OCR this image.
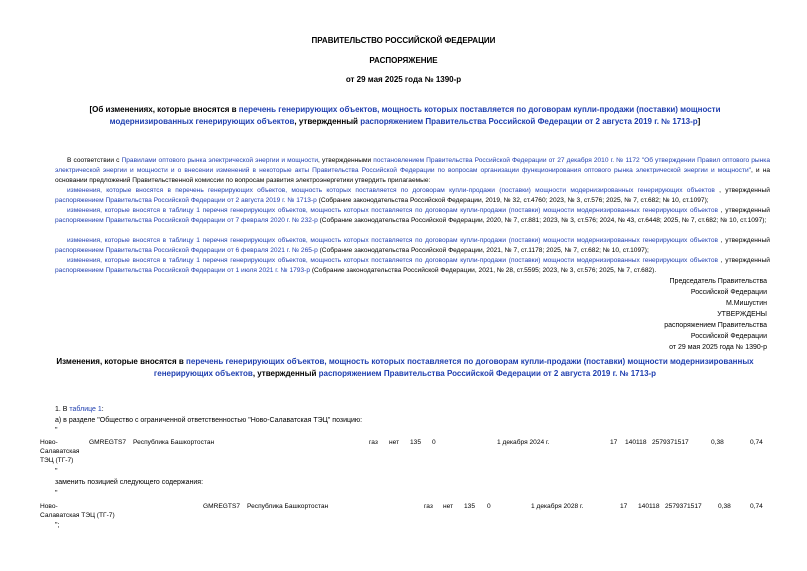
ПРАВИТЕЛЬСТВО РОССИЙСКОЙ ФЕДЕРАЦИИ
РАСПОРЯЖЕНИЕ
от 29 мая 2025 года № 1390-р
[Об изменениях, которые вносятся в перечень генерирующих объектов, мощность которых поставляется по договорам купли-продажи (поставки) мощности модернизированных генерирующих объектов, утвержденный распоряжением Правительства Российской Федерации от 2 августа 2019 г. № 1713-р]
В соответствии с Правилами оптового рынка электрической энергии и мощности, утвержденными постановлением Правительства Российской Федерации от 27 декабря 2010 г. № 1172 "Об утверждении Правил оптового рынка электрической энергии и мощности и о внесении изменений в некоторые акты Правительства Российской Федерации по вопросам организации функционирования оптового рынка электрической энергии и мощности", и на основании предложений Правительственной комиссии по вопросам развития электроэнергетики утвердить прилагаемые:
изменения, которые вносятся в перечень генерирующих объектов, мощность которых поставляется по договорам купли-продажи (поставки) мощности модернизированных генерирующих объектов , утвержденный распоряжением Правительства Российской Федерации от 2 августа 2019 г. № 1713-р (Собрание законодательства Российской Федерации, 2019, № 32, ст.4760; 2023, № 3, ст.576; 2025, № 7, ст.682; № 10, ст.1097);
изменения, которые вносятся в таблицу 1 перечня генерирующих объектов, мощность которых поставляется по договорам купли-продажи (поставки) мощности модернизированных генерирующих объектов , утвержденный распоряжением Правительства Российской Федерации от 7 февраля 2020 г. № 232-р (Собрание законодательства Российской Федерации, 2020, № 7, ст.881; 2023, № 3, ст.576; 2024, № 43, ст.6448; 2025, № 7, ст.682; № 10, ст.1097);
изменения, которые вносятся в таблицу 1 перечня генерирующих объектов, мощность которых поставляется по договорам купли-продажи (поставки) мощности модернизированных генерирующих объектов , утвержденный распоряжением Правительства Российской Федерации от 6 февраля 2021 г. № 265-р (Собрание законодательства Российской Федерации, 2021, № 7, ст.1178; 2025, № 7, ст.682; № 10, ст.1097);
изменения, которые вносятся в таблицу 1 перечня генерирующих объектов, мощность которых поставляется по договорам купли-продажи (поставки) мощности модернизированных генерирующих объектов , утвержденный распоряжением Правительства Российской Федерации от 1 июля 2021 г. № 1793-р (Собрание законодательства Российской Федерации, 2021, № 28, ст.5595; 2023, № 3, ст.576; 2025, № 7, ст.682).
Председатель Правительства
Российской Федерации
М.Мишустин
УТВЕРЖДЕНЫ
распоряжением Правительства
Российской Федерации
от 29 мая 2025 года № 1390-р
Изменения, которые вносятся в перечень генерирующих объектов, мощность которых поставляется по договорам купли-продажи (поставки) мощности модернизированных генерирующих объектов, утвержденный распоряжением Правительства Российской Федерации от 2 августа 2019 г. № 1713-р
1. В таблице 1:
а) в разделе "Общество с ограниченной ответственностью "Ново-Салаватская ТЭЦ" позицию:
"
Ново-
Салаватская
ТЭЦ (ТГ-7)
GMREGTS7 Республика Башкортостан	газ нет 135 0	1 декабря 2024 г.	17 140118 2579371517	0,38	0,74
"
заменить позицией следующего содержания:
"
Ново-
Салаватская ТЭЦ (ТГ-7)
GMREGTS7 Республика Башкортостан	газ нет 135 0	1 декабря 2028 г.	17 140118 2579371517 0,38	0,74
";
